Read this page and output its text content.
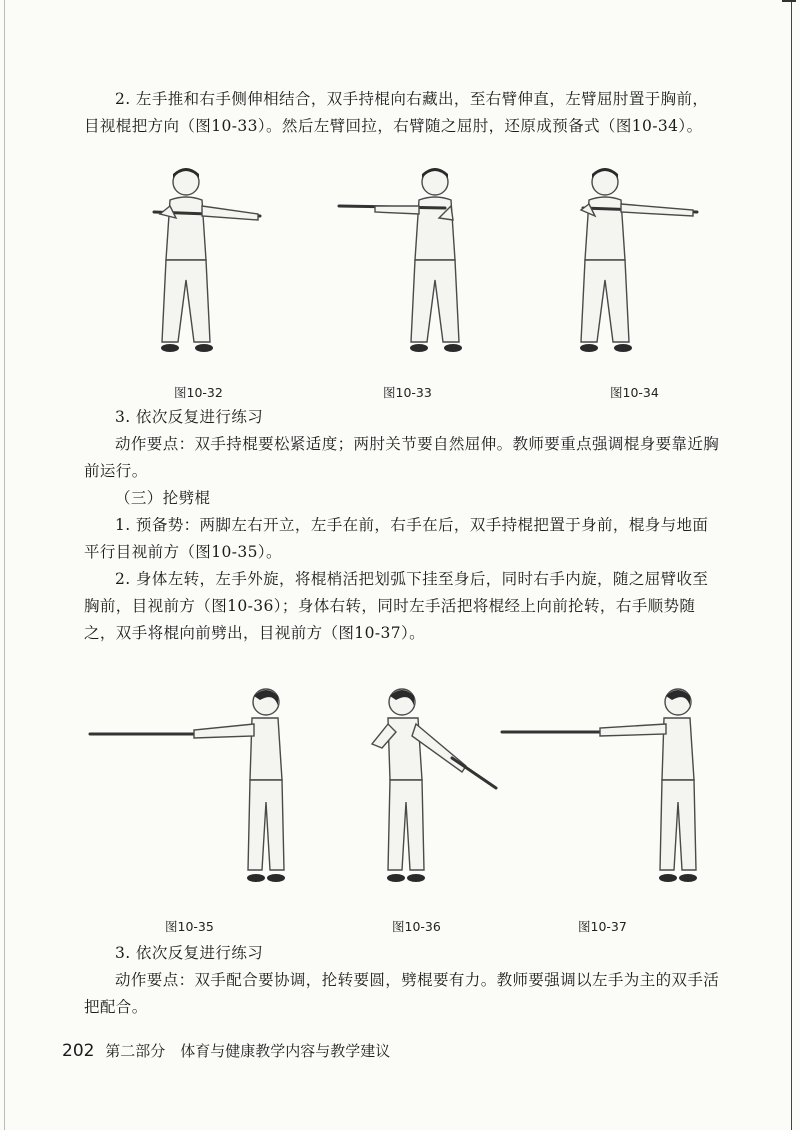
2. 左手推和右手侧伸相结合，双手持棍向右藏出，至右臂伸直，左臂屈肘置于胸前，目视棍把方向（图10-33）。然后左臂回拉，右臂随之屈肘，还原成预备式（图10-34）。

图10-32	图10-33	图10-34

3. 依次反复进行练习

动作要点：双手持棍要松紧适度；两肘关节要自然屈伸。教师要重点强调棍身要靠近胸前运行。

（三）抡劈棍

1. 预备势：两脚左右开立，左手在前，右手在后，双手持棍把置于身前，棍身与地面平行目视前方（图10-35）。

2. 身体左转，左手外旋，将棍梢活把划弧下挂至身后，同时右手内旋，随之屈臂收至胸前，目视前方（图10-36）；身体右转，同时左手活把将棍经上向前抡转，右手顺势随之，双手将棍向前劈出，目视前方（图10-37）。

图10-35	图10-36	图10-37

3. 依次反复进行练习

动作要点：双手配合要协调，抡转要圆，劈棍要有力。教师要强调以左手为主的双手活把配合。

202 第二部分　体育与健康教学内容与教学建议
